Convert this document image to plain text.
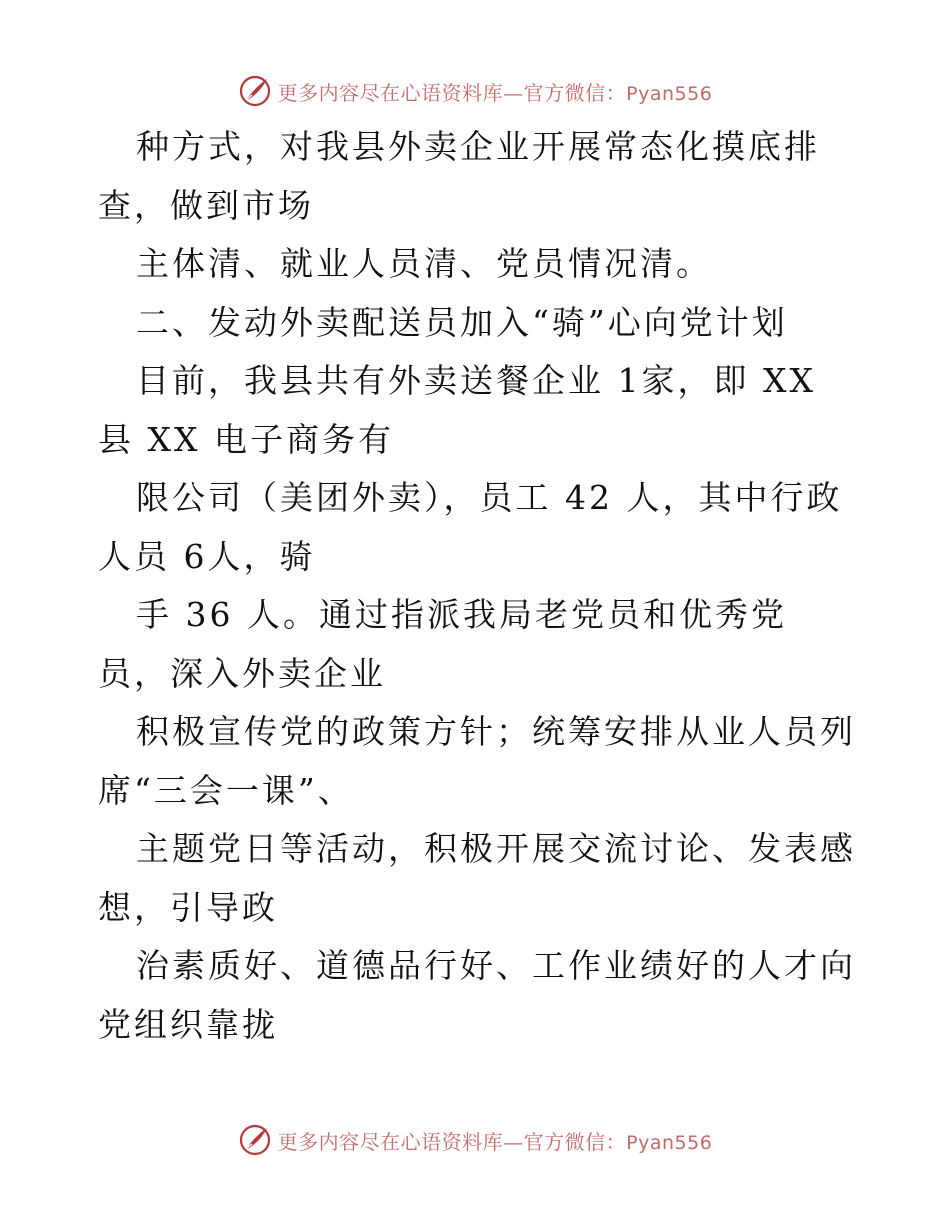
更多内容尽在心语资料库—官方微信：Pyan556

种方式，对我县外卖企业开展常态化摸底排查，做到市场

主体清、就业人员清、党员情况清。

二、发动外卖配送员加入“骑”心向党计划

目前，我县共有外卖送餐企业 1家，即 XX 县 XX 电子商务有

限公司（美团外卖），员工 42 人，其中行政人员 6人，骑

手 36 人。通过指派我局老党员和优秀党员，深入外卖企业

积极宣传党的政策方针；统筹安排从业人员列席“三会一课”、

主题党日等活动，积极开展交流讨论、发表感想，引导政

治素质好、道德品行好、工作业绩好的人才向党组织靠拢

更多内容尽在心语资料库—官方微信：Pyan556
